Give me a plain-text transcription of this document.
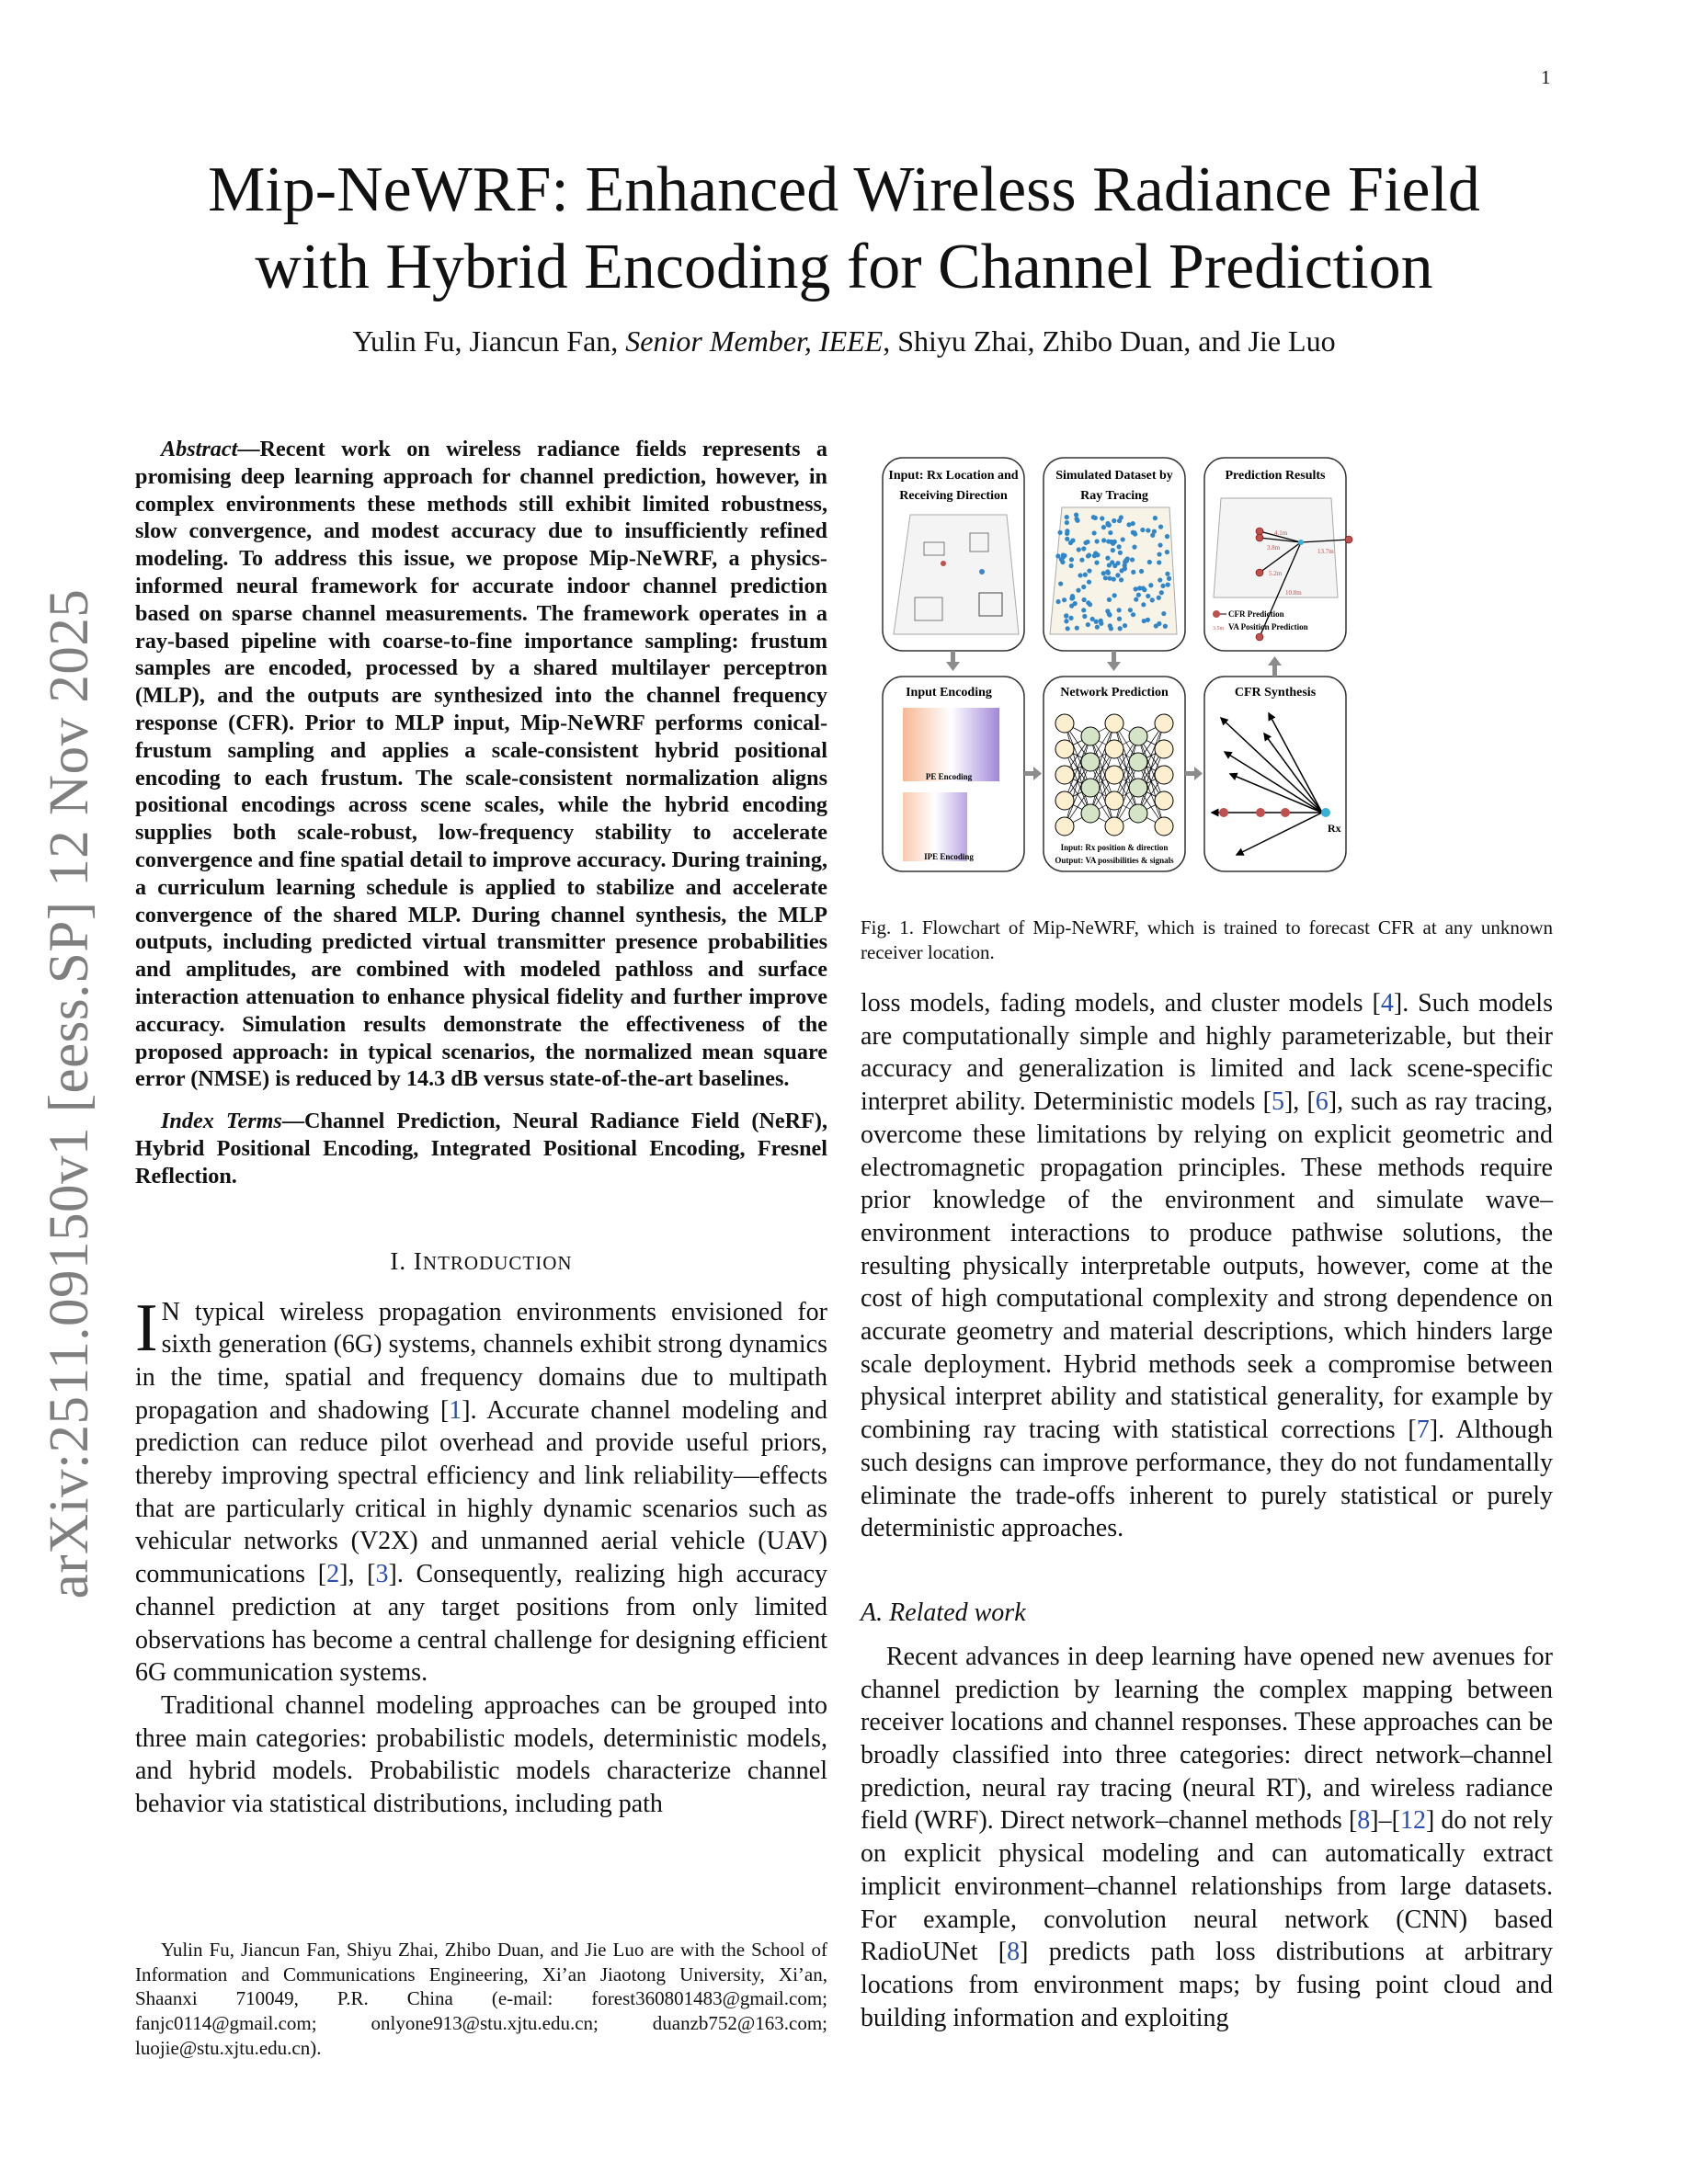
1
arXiv:2511.09150v1 [eess.SP] 12 Nov 2025
Mip-NeWRF: Enhanced Wireless Radiance Field
with Hybrid Encoding for Channel Prediction
Yulin Fu, Jiancun Fan, Senior Member, IEEE, Shiyu Zhai, Zhibo Duan, and Jie Luo

Abstract—Recent work on wireless radiance fields represents a promising deep learning approach for channel prediction, however, in complex environments these methods still exhibit limited robustness, slow convergence, and modest accuracy due to insufficiently refined modeling. To address this issue, we propose Mip-NeWRF, a physics-informed neural framework for accurate indoor channel prediction based on sparse channel measurements. The framework operates in a ray-based pipeline with coarse-to-fine importance sampling: frustum samples are encoded, processed by a shared multilayer perceptron (MLP), and the outputs are synthesized into the channel frequency response (CFR). Prior to MLP input, Mip-NeWRF performs conical-frustum sampling and applies a scale-consistent hybrid positional encoding to each frustum. The scale-consistent normalization aligns positional encodings across scene scales, while the hybrid encoding supplies both scale-robust, low-frequency stability to accelerate convergence and fine spatial detail to improve accuracy. During training, a curriculum learning schedule is applied to stabilize and accelerate convergence of the shared MLP. During channel synthesis, the MLP outputs, including predicted virtual transmitter presence probabilities and amplitudes, are combined with modeled pathloss and surface interaction attenuation to enhance physical fidelity and further improve accuracy. Simulation results demonstrate the effectiveness of the proposed approach: in typical scenarios, the normalized mean square error (NMSE) is reduced by 14.3 dB versus state-of-the-art baselines.

Index Terms—Channel Prediction, Neural Radiance Field (NeRF), Hybrid Positional Encoding, Integrated Positional Encoding, Fresnel Reflection.

I. INTRODUCTION

I N typical wireless propagation environments envisioned for sixth generation (6G) systems, channels exhibit strong dynamics in the time, spatial and frequency domains due to multipath propagation and shadowing [1]. Accurate channel modeling and prediction can reduce pilot overhead and provide useful priors, thereby improving spectral efficiency and link reliability—effects that are particularly critical in highly dynamic scenarios such as vehicular networks (V2X) and unmanned aerial vehicle (UAV) communications [2], [3]. Consequently, realizing high accuracy channel prediction at any target positions from only limited observations has become a central challenge for designing efficient 6G communication systems.

Traditional channel modeling approaches can be grouped into three main categories: probabilistic models, deterministic models, and hybrid models. Probabilistic models characterize channel behavior via statistical distributions, including path

Yulin Fu, Jiancun Fan, Shiyu Zhai, Zhibo Duan, and Jie Luo are with the School of Information and Communications Engineering, Xi’an Jiaotong University, Xi’an, Shaanxi 710049, P.R. China (e-mail: forest360801483@gmail.com; fanjc0114@gmail.com; onlyone913@stu.xjtu.edu.cn; duanzb752@163.com; luojie@stu.xjtu.edu.cn).
Input: Rx Location and
Receiving Direction
Simulated Dataset by
Ray Tracing
Prediction Results
4.1m
3.8m	13.7m
5.2m
10.8m
CFR Prediction
3.5m VA Position Prediction
Input Encoding
PE Encoding
IPE Encoding
Network Prediction
Input: Rx position & direction
Output: VA possibilities & signals
CFR Synthesis
Rx
Fig. 1. Flowchart of Mip-NeWRF, which is trained to forecast CFR at any unknown receiver location.

loss models, fading models, and cluster models [4]. Such models are computationally simple and highly parameterizable, but their accuracy and generalization is limited and lack scene-specific interpret ability. Deterministic models [5], [6], such as ray tracing, overcome these limitations by relying on explicit geometric and electromagnetic propagation principles. These methods require prior knowledge of the environment and simulate wave–environment interactions to produce pathwise solutions, the resulting physically interpretable outputs, however, come at the cost of high computational complexity and strong dependence on accurate geometry and material descriptions, which hinders large scale deployment. Hybrid methods seek a compromise between physical interpret ability and statistical generality, for example by combining ray tracing with statistical corrections [7]. Although such designs can improve performance, they do not fundamentally eliminate the trade-offs inherent to purely statistical or purely deterministic approaches.

A. Related work

Recent advances in deep learning have opened new avenues for channel prediction by learning the complex mapping between receiver locations and channel responses. These approaches can be broadly classified into three categories: direct network–channel prediction, neural ray tracing (neural RT), and wireless radiance field (WRF). Direct network–channel methods [8]–[12] do not rely on explicit physical modeling and can automatically extract implicit environment–channel relationships from large datasets. For example, convolution neural network (CNN) based RadioUNet [8] predicts path loss distributions at arbitrary locations from environment maps; by fusing point cloud and building information and exploiting
